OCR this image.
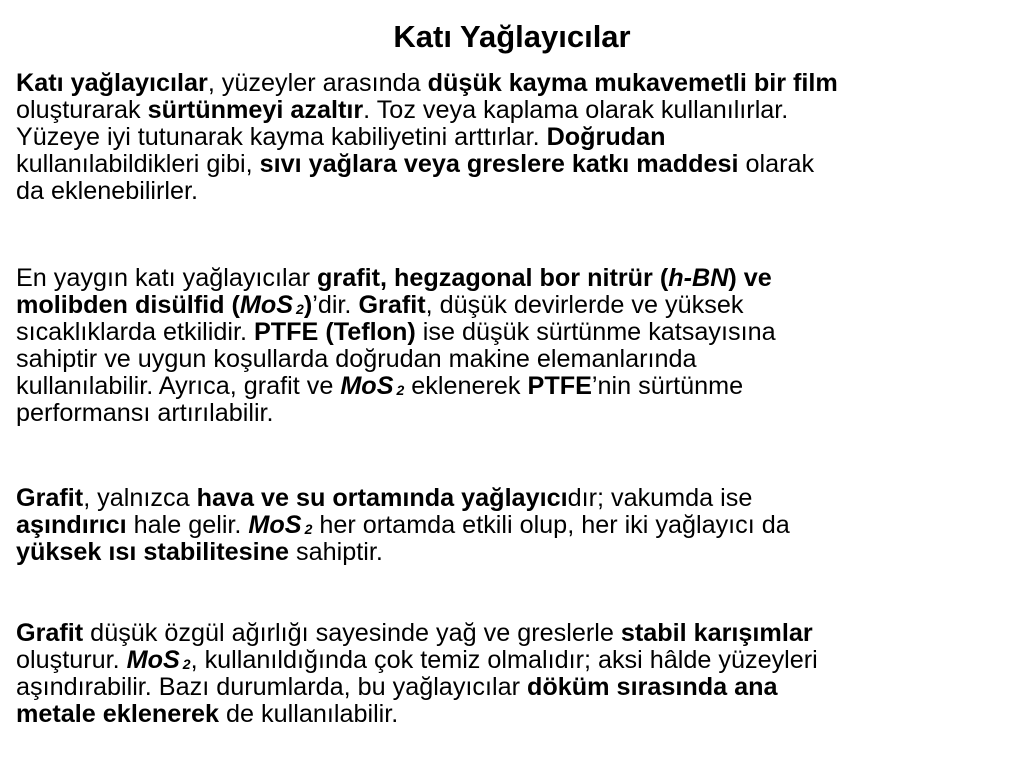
Katı Yağlayıcılar

Katı yağlayıcılar, yüzeyler arasında düşük kayma mukavemetli bir film
oluşturarak sürtünmeyi azaltır. Toz veya kaplama olarak kullanılırlar.
Yüzeye iyi tutunarak kayma kabiliyetini arttırlar. Doğrudan
kullanılabildikleri gibi, sıvı yağlara veya greslere katkı maddesi olarak
da eklenebilirler.

En yaygın katı yağlayıcılar grafit, hegzagonal bor nitrür (h-BN) ve
molibden disülfid (MoS 2)’dir. Grafit, düşük devirlerde ve yüksek
sıcaklıklarda etkilidir. PTFE (Teflon) ise düşük sürtünme katsayısına
sahiptir ve uygun koşullarda doğrudan makine elemanlarında
kullanılabilir. Ayrıca, grafit ve MoS 2 eklenerek PTFE’nin sürtünme
performansı artırılabilir.

Grafit, yalnızca hava ve su ortamında yağlayıcıdır; vakumda ise
aşındırıcı hale gelir. MoS 2 her ortamda etkili olup, her iki yağlayıcı da
yüksek ısı stabilitesine sahiptir.

Grafit düşük özgül ağırlığı sayesinde yağ ve greslerle stabil karışımlar
oluşturur. MoS 2, kullanıldığında çok temiz olmalıdır; aksi hâlde yüzeyleri
aşındırabilir. Bazı durumlarda, bu yağlayıcılar döküm sırasında ana
metale eklenerek de kullanılabilir.
